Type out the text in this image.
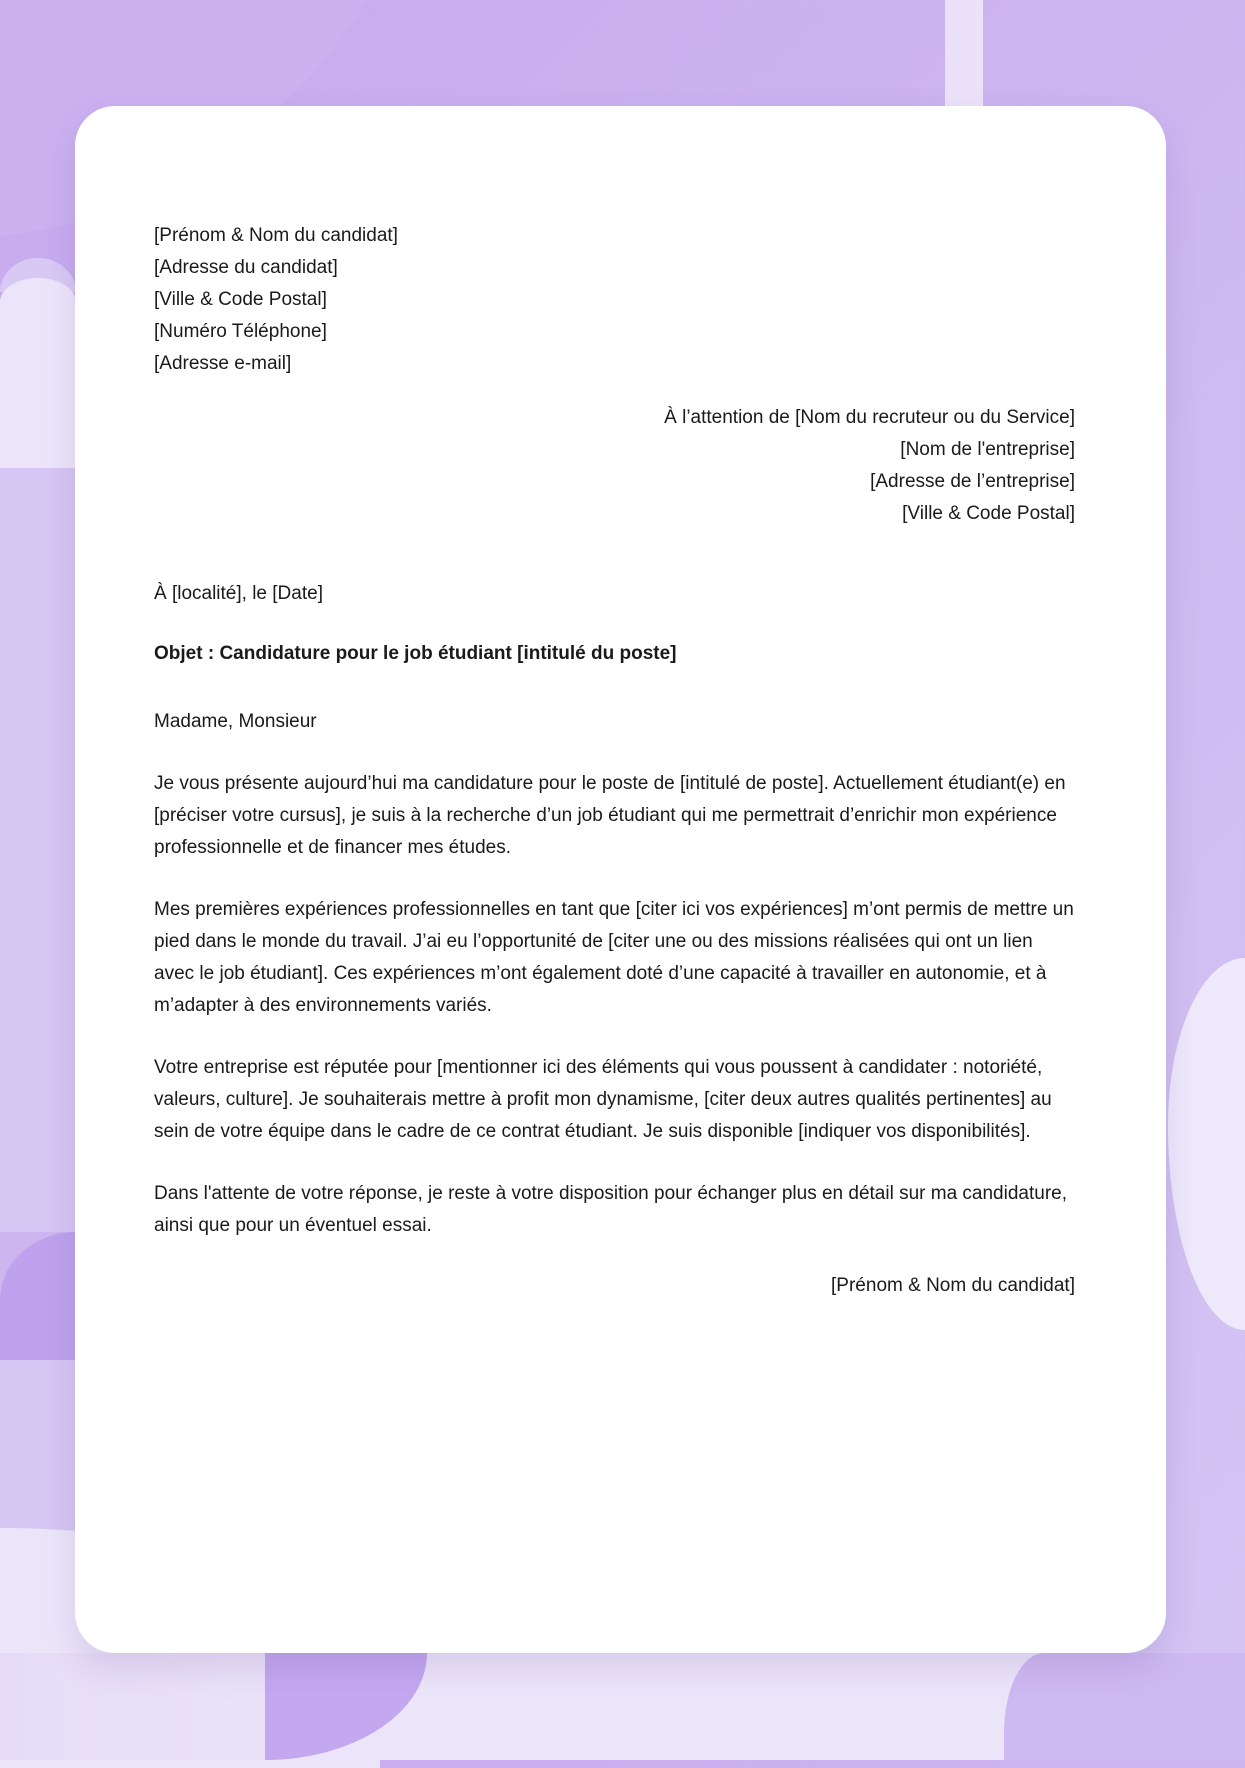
[Prénom & Nom du candidat]

[Adresse du candidat]

[Ville & Code Postal]

[Numéro Téléphone]

[Adresse e-mail]

À l’attention de [Nom du recruteur ou du Service]

[Nom de l'entreprise]

[Adresse de l’entreprise]

[Ville & Code Postal]

À [localité], le [Date]

Objet : Candidature pour le job étudiant [intitulé du poste]

Madame, Monsieur

Je vous présente aujourd’hui ma candidature pour le poste de [intitulé de poste]. Actuellement étudiant(e) en [préciser votre cursus], je suis à la recherche d’un job étudiant qui me permettrait d’enrichir mon expérience professionnelle et de financer mes études.

Mes premières expériences professionnelles en tant que [citer ici vos expériences] m’ont permis de mettre un pied dans le monde du travail. J’ai eu l’opportunité de [citer une ou des missions réalisées qui ont un lien avec le job étudiant]. Ces expériences m’ont également doté d’une capacité à travailler en autonomie, et à m’adapter à des environnements variés.

Votre entreprise est réputée pour [mentionner ici des éléments qui vous poussent à candidater : notoriété, valeurs, culture]. Je souhaiterais mettre à profit mon dynamisme, [citer deux autres qualités pertinentes] au sein de votre équipe dans le cadre de ce contrat étudiant. Je suis disponible [indiquer vos disponibilités].

Dans l'attente de votre réponse, je reste à votre disposition pour échanger plus en détail sur ma candidature, ainsi que pour un éventuel essai.

[Prénom & Nom du candidat]
